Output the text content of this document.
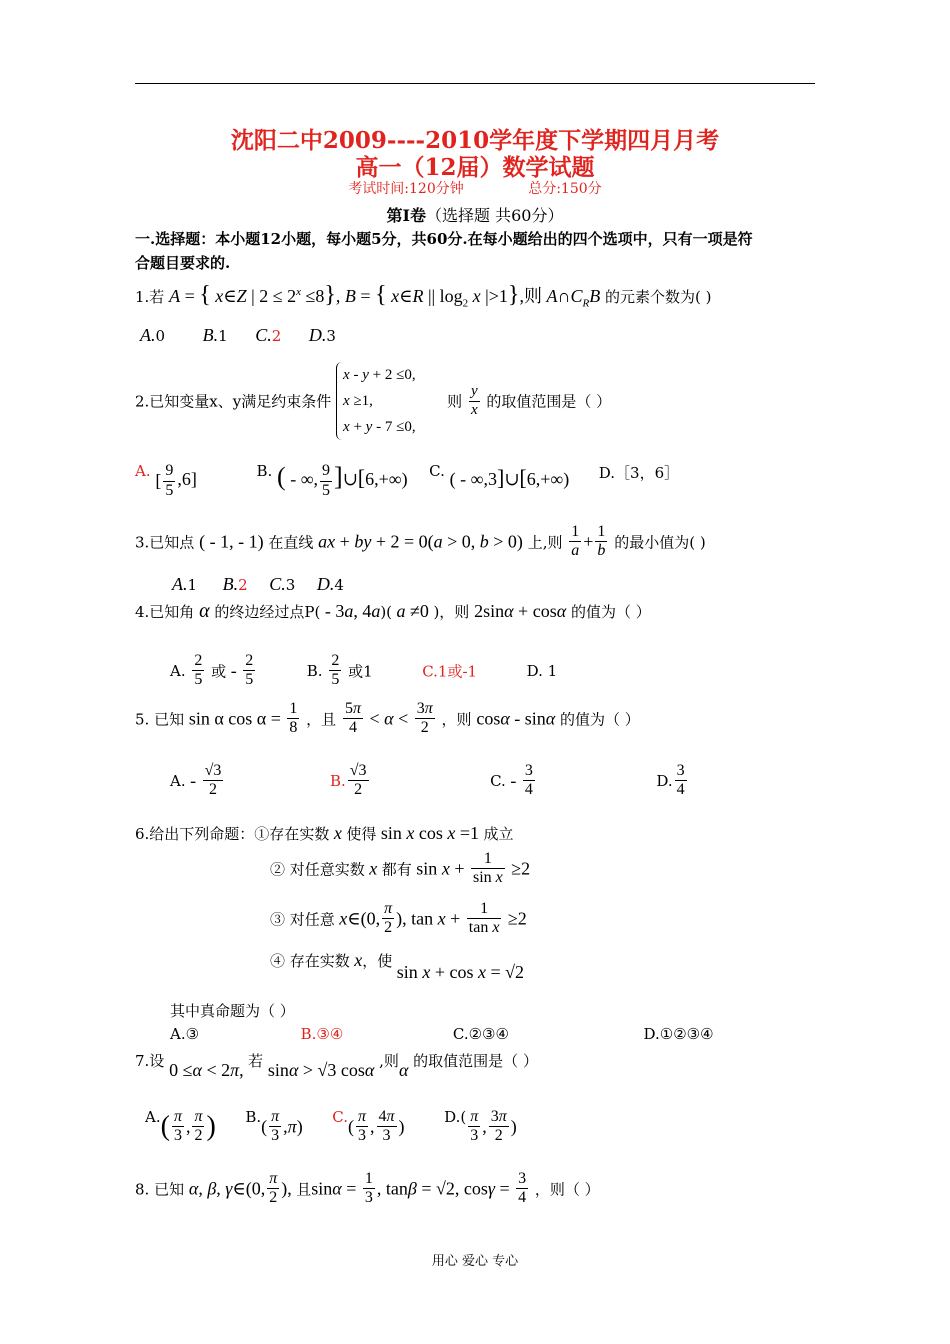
沈阳二中2009----2010学年度下学期四月月考
高一（12届）数学试题
考试时间:120分钟	总分:150分
第Ⅰ卷（选择题 共60分）
一.选择题：本小题12小题，每小题5分，共60分.在每小题给出的四个选项中，只有一项是符
合题目要求的.
1.若 A = { x∈Z | $2 \le 2^x \le 8$}, B = { x∈R || $\log_2 x$ |>1},则 $A\cap C_RB$ 的元素个数为( )
A.0 B.1 C.2 D.3
2.已知变量x、y满足约束条件
x - y + 2 ≤0,
x ≥1,
x + y - 7 ≤0,
则 $\frac{y}{x}$ 的取值范围是（ ）
A. [ $\frac{9}{5} ,6$]	B. ( - ∞, $\frac{9}{5}$ ]∪[6,+∞) C. ( - ∞,3]∪[6,+∞) D.［3，6］
3.已知点 ( - 1, - 1) 在直线 ax + by + 2 = 0(a > 0, b > 0) 上,则 $\frac{1}{a} + \frac{1}{b}$ 的最小值为( )
A.1 B.2 C.3 D.4
4.已知角 α 的终边经过点P( - 3a, 4a)( a ≠0 )，则 2sinα + cosα 的值为（ ）
A. $\frac{2}{5}$ 或 - $\frac{2}{5}$	B. $\frac{2}{5}$ 或1	C.1或-1	D. 1
5. 已知 sin α $\cos \alpha = \frac{1}{8}$ ，且 $\frac{5\pi}{4} < \alpha < \frac{3\pi}{2}$ ，则 cosα - sinα 的值为（ ）
A. - $\frac{√3}{2}$	B. $\frac{√3}{2}$	C. - $\frac{3}{4}$	D. $\frac{3}{4}$
6.给出下列命题：①存在实数 x 使得 sin x cos x =1 成立
② 对任意实数 x 都有 $\sin x + \frac{1}{\text{sin x}} \ge 2$
③ 对任意 x∈(0, $\frac{\pi}{2}$ ), $\tan x + \frac{1}{\text{tan x}} \ge 2$
④ 存在实数 x，使 sin x + cos x = √2
其中真命题为（ ）
A.③	B.③④	C.②③④	D.①②③④
7.设 0 ≤α < 2π, 若 sinα > √3 cosα ,则α 的取值范围是（ ）
$A.( \frac{\pi}{3}$ , $\frac{\pi}{2}$ ) $B.( \frac{\pi}{3} ,\pi)$ $C.( \frac{\pi}{3}$ , $\frac{4\pi}{3}$ )	$D.( \frac{\pi}{3}$ , $\frac{3\pi}{2}$ )
8. 已知 α, β, γ∈(0, $\frac{\pi}{2}$ ), 且$\sin\alpha = \frac{1}{3}$ , tanβ = √2, $\cos\gamma = \frac{3}{4}$ ，则（ ）
用心 爱心 专心
